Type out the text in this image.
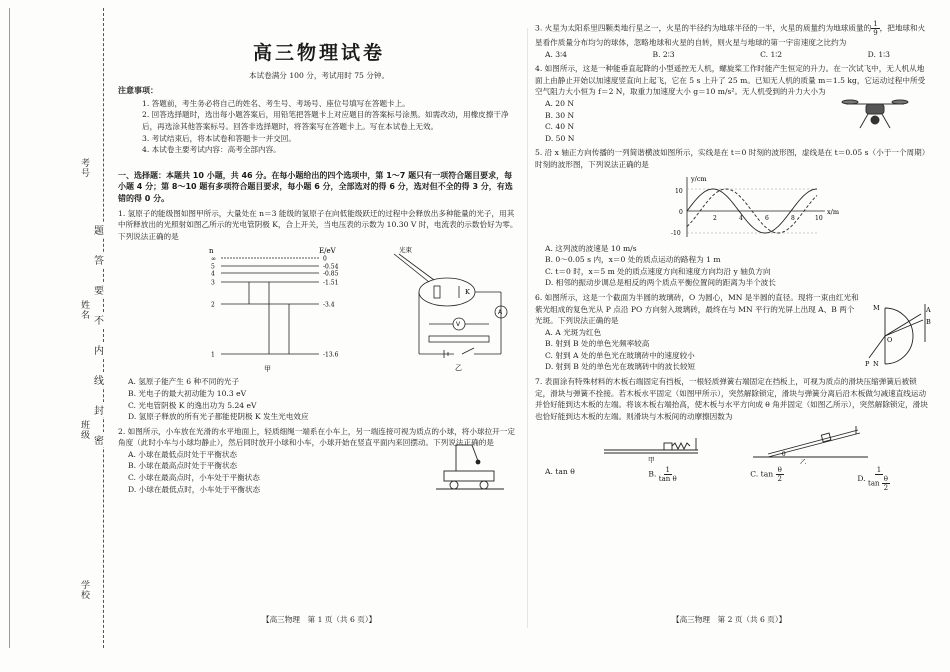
考号
姓名
班级
学校
题
答
要
不
内
线
封
密
高三物理试卷
本试卷满分 100 分，考试用时 75 分钟。
注意事项：
1. 答题前，考生务必将自己的姓名、考生号、考场号、座位号填写在答题卡上。
2. 回答选择题时，选出每小题答案后，用铅笔把答题卡上对应题目的答案标号涂黑。如需改动，用橡皮擦干净后，再选涂其他答案标号。回答非选择题时，将答案写在答题卡上。写在本试卷上无效。
3. 考试结束后，将本试卷和答题卡一并交回。
4. 本试卷主要考试内容：高考全部内容。
一、选择题：本题共 10 小题，共 46 分。在每小题给出的四个选项中，第 1～7 题只有一项符合题目要求，每小题 4 分；第 8～10 题有多项符合题目要求，每小题 6 分，全部选对的得 6 分，选对但不全的得 3 分，有选错的得 0 分。
1. 氢原子的能级图如图甲所示，大量处在 n＝3 能级的氢原子在向低能级跃迁的过程中会释放出多种能量的光子，用其中所释放出的光照射如图乙所示的光电管阴极 K，合上开关，当电压表的示数为 10.30 V 时，电流表的示数恰好为零。下列说法正确的是
n	E/eV
∞	0
5	-0.54
4	-0.85
3	-1.51
2	-3.4
1	-13.6
甲
光束
K
A
V
乙
A. 氢原子能产生 6 种不同的光子
B. 光电子的最大初动能为 10.3 eV
C. 光电管阴极 K 的逸出功为 5.24 eV
D. 氢原子释放的所有光子都能使阴极 K 发生光电效应
2. 如图所示，小车放在光滑的水平地面上，轻质细绳一端系在小车上，另一端连接可视为质点的小球，将小球拉开一定角度（此时小车与小球均静止），然后同时放开小球和小车，小球开始在竖直平面内来回摆动。下列说法正确的是
A. 小球在最低点时处于平衡状态
B. 小球在最高点时处于平衡状态
C. 小球在最高点时，小车处于平衡状态
D. 小球在最低点时，小车处于平衡状态
3. 火星为太阳系里四颗类地行星之一，火星的半径约为地球半径的一半，火星的质量约为地球质量的 $\frac{1}{9}$ ，把地球和火星看作质量分布均匀的球体，忽略地球和火星的自转，则火星与地球的第一宇宙速度之比约为
A. 3∶4	B. 2∶3	C. 1∶2	D. 1∶3
4. 如图所示，这是一种能垂直起降的小型遥控无人机，螺旋桨工作时能产生恒定的升力。在一次试飞中，无人机从地面上由静止开始以加速度竖直向上起飞，它在 5 s 上升了 25 m。已知无人机的质量 m＝1.5 kg，它运动过程中所受空气阻力大小恒为 f＝2 N，取重力加速度大小 g＝10 m/s²。无人机受到的升力大小为
A. 20 N
B. 30 N
C. 40 N
D. 50 N
5. 沿 x 轴正方向传播的一列简谐横波如图所示，实线是在 t＝0 时刻的波形图，虚线是在 t＝0.05 s（小于一个周期）时刻的波形图，下列说法正确的是
y/cm
x/m
10
0
-10
2	4	6	8	10
A. 这列波的波速是 10 m/s
B. 0～0.05 s 内，x＝0 处的质点运动的路程为 1 m
C. t＝0 时，x＝5 m 处的质点速度方向和速度方向均沿 y 轴负方向
D. 相邻的振动步调总是相反的两个质点平衡位置间的距离为半个波长
6. 如图所示，这是一个截面为半圆的玻璃砖，O 为圆心，MN 是半圆的直径。现将一束由红光和紫光组成的复色光从 P 点沿 PO 方向射入玻璃砖，最终在与 MN 平行的光屏上出现 A、B 两个光斑。下列说法正确的是
A. A 光斑为红色
B. 射到 B 处的单色光频率较高
C. 射到 A 处的单色光在玻璃砖中的速度较小
D. 射到 B 处的单色光在玻璃砖中的波长较短
M
N
O
P
A
B
7. 表面涂有特殊材料的木板右端固定有挡板，一根轻质弹簧右端固定在挡板上，可视为质点的滑块压缩弹簧后被锁定，滑块与弹簧不拴接。若木板水平固定（如图甲所示），突然解除锁定，滑块与弹簧分离后沿木板做匀减速直线运动并恰好能到达木板的左端。将该木板右端抬高，使木板与水平方向成 θ 角并固定（如图乙所示），突然解除锁定，滑块也恰好能到达木板的左端。则滑块与木板间的动摩擦因数为
甲	乙
θ
A. tan θ	B. $\frac{1}{\text{tan θ}}$	C. $\tan \frac{\theta}{2}$	D. $\frac{1}{\tan \frac{\theta}{2}}$
【高三物理　第 1 页（共 6 页）】	【高三物理　第 2 页（共 6 页）】
